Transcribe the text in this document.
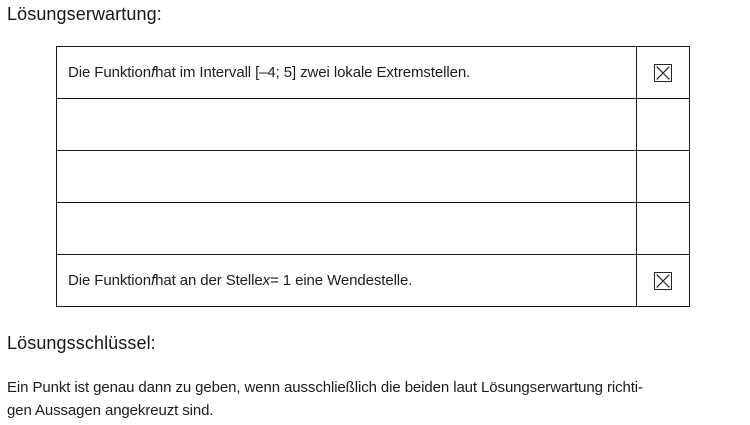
Lösungserwartung:
Die Funktion f hat im Intervall [–4; 5] zwei lokale Extremstellen.
Die Funktion f hat an der Stelle x = 1 eine Wendestelle.
Lösungsschlüssel:
Ein Punkt ist genau dann zu geben, wenn ausschließlich die beiden laut Lösungserwartung richti-
gen Aussagen angekreuzt sind.
